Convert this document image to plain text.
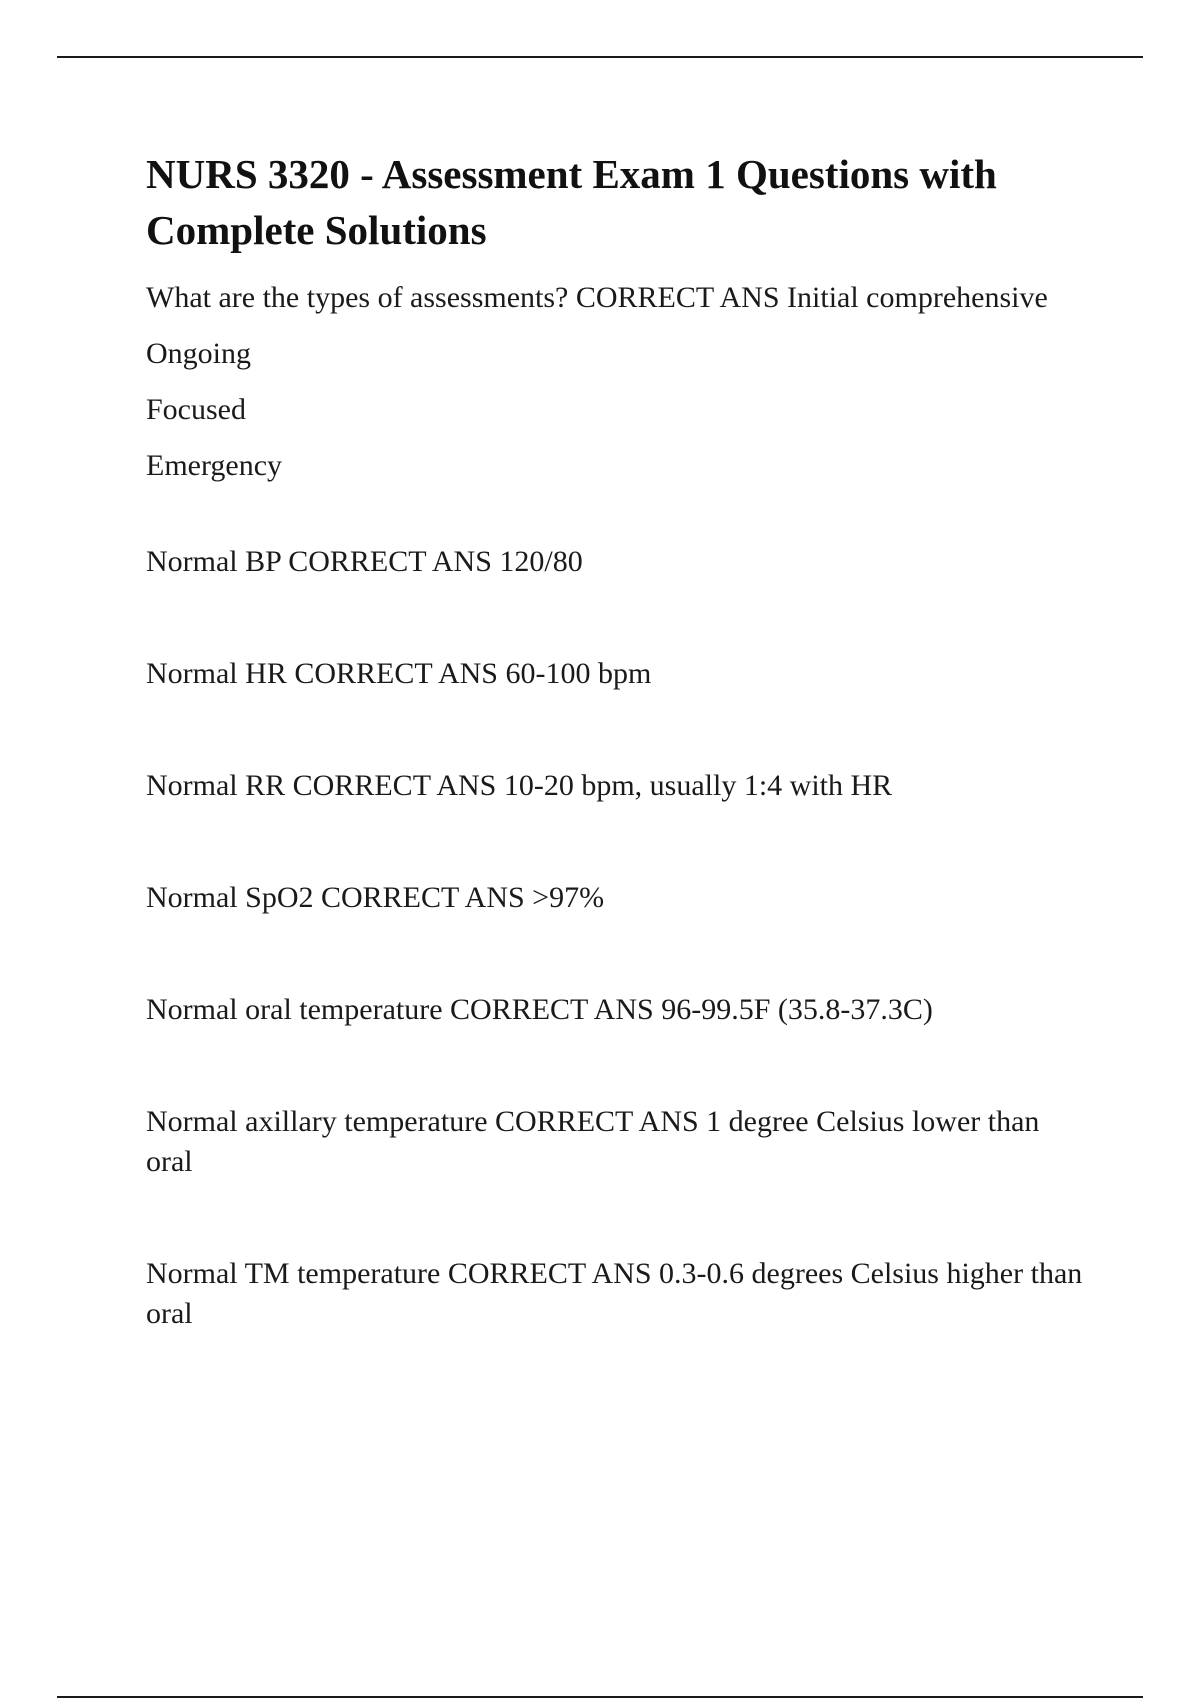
NURS 3320 - Assessment Exam 1 Questions with Complete Solutions

What are the types of assessments? CORRECT ANS Initial comprehensive

Ongoing

Focused

Emergency

Normal BP CORRECT ANS 120/80

Normal HR CORRECT ANS 60-100 bpm

Normal RR CORRECT ANS 10-20 bpm, usually 1:4 with HR

Normal SpO2 CORRECT ANS >97%

Normal oral temperature CORRECT ANS 96-99.5F (35.8-37.3C)

Normal axillary temperature CORRECT ANS 1 degree Celsius lower than oral

Normal TM temperature CORRECT ANS 0.3-0.6 degrees Celsius higher than oral
